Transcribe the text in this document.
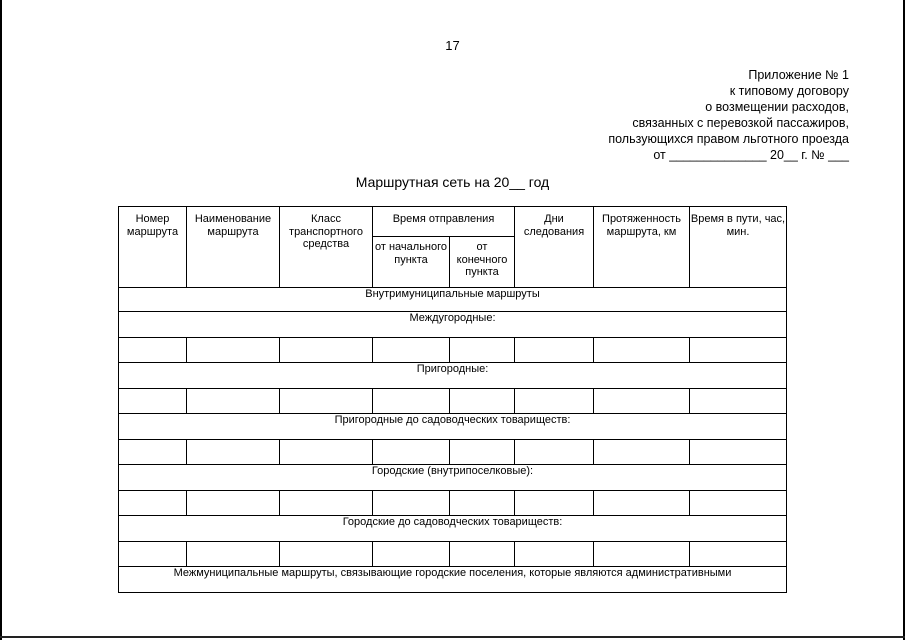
17
Приложение № 1
к типовому договору
о возмещении расходов,
связанных с перевозкой пассажиров,
пользующихся правом льготного проезда
от ______________ 20__ г. № ___
Маршрутная сеть на 20__ год
Номер маршрута	Наименование маршрута	Класс транспортного средства	Время отправления		Дни следования	Протяженность маршрута, км	Время в пути, час, мин.
			от начального пункта	от конечного пункта			
Внутримуниципальные маршруты							
Междугородные:							

Пригородные:							

Пригородные до садоводческих товариществ:							

Городские (внутрипоселковые):							

Городские до садоводческих товариществ:							

Межмуниципальные маршруты, связывающие городские поселения, которые являются административными							
